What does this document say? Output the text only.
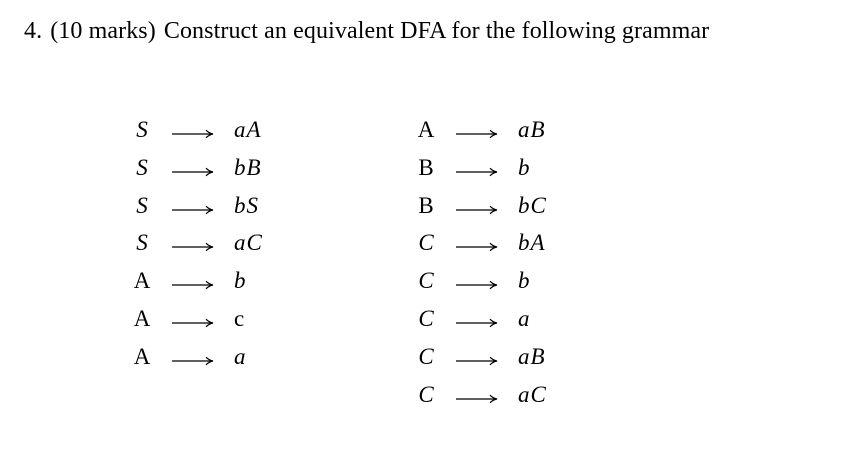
4. (10 marks) Construct an equivalent DFA for the following grammar
S	aA
S	bB
S	bS
S	aC
A	b
A	c
A	a
A	aB
B	b
B	bC
C	bA
C	b
C	a
C	aB
C	aC
